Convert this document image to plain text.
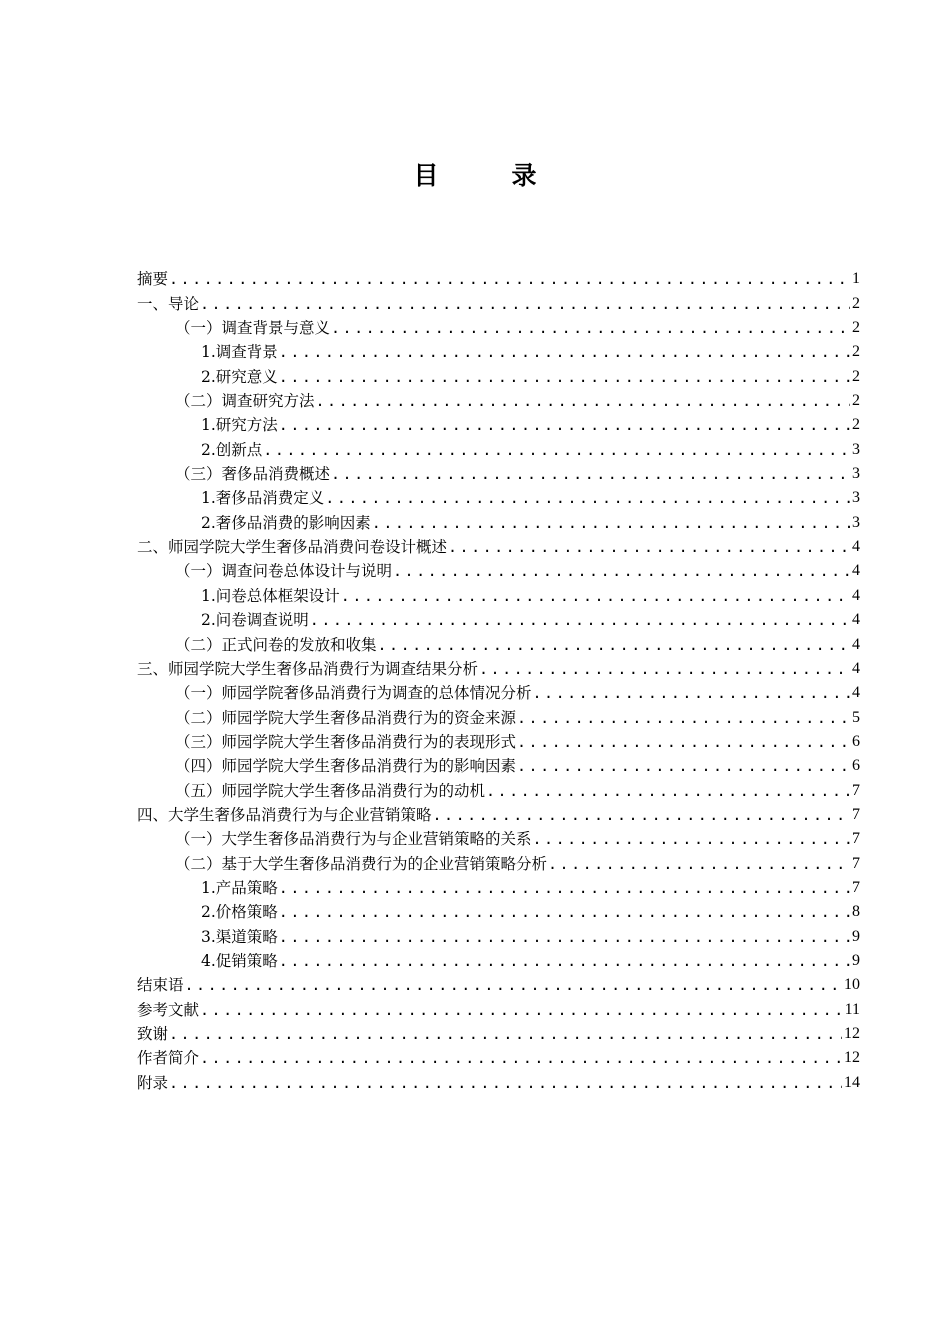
目　录
摘要 .....	1
一、导论 .....	2
（一）调查背景与意义 .....	2
1.调查背景 .....	2
2.研究意义 .....	2
（二）调查研究方法 .....	2
1.研究方法 .....	2
2.创新点 .....	3
（三）奢侈品消费概述 .....	3
1.奢侈品消费定义 .....	3
2.奢侈品消费的影响因素 .....	3
二、师园学院大学生奢侈品消费问卷设计概述 .....	4
（一）调查问卷总体设计与说明 .....	4
1.问卷总体框架设计 .....	4
2.问卷调查说明 .....	4
（二）正式问卷的发放和收集 .....	4
三、师园学院大学生奢侈品消费行为调查结果分析 .....	4
（一）师园学院奢侈品消费行为调查的总体情况分析 .....	4
（二）师园学院大学生奢侈品消费行为的资金来源 .....	5
（三）师园学院大学生奢侈品消费行为的表现形式 .....	6
（四）师园学院大学生奢侈品消费行为的影响因素 .....	6
（五）师园学院大学生奢侈品消费行为的动机 .....	7
四、大学生奢侈品消费行为与企业营销策略 .....	7
（一）大学生奢侈品消费行为与企业营销策略的关系 .....	7
（二）基于大学生奢侈品消费行为的企业营销策略分析 .....	7
1.产品策略 .....	7
2.价格策略 .....	8
3.渠道策略 .....	9
4.促销策略 .....	9
结束语 .....	10
参考文献 .....	11
致谢 .....	12
作者简介 .....	12
附录 .....	14
